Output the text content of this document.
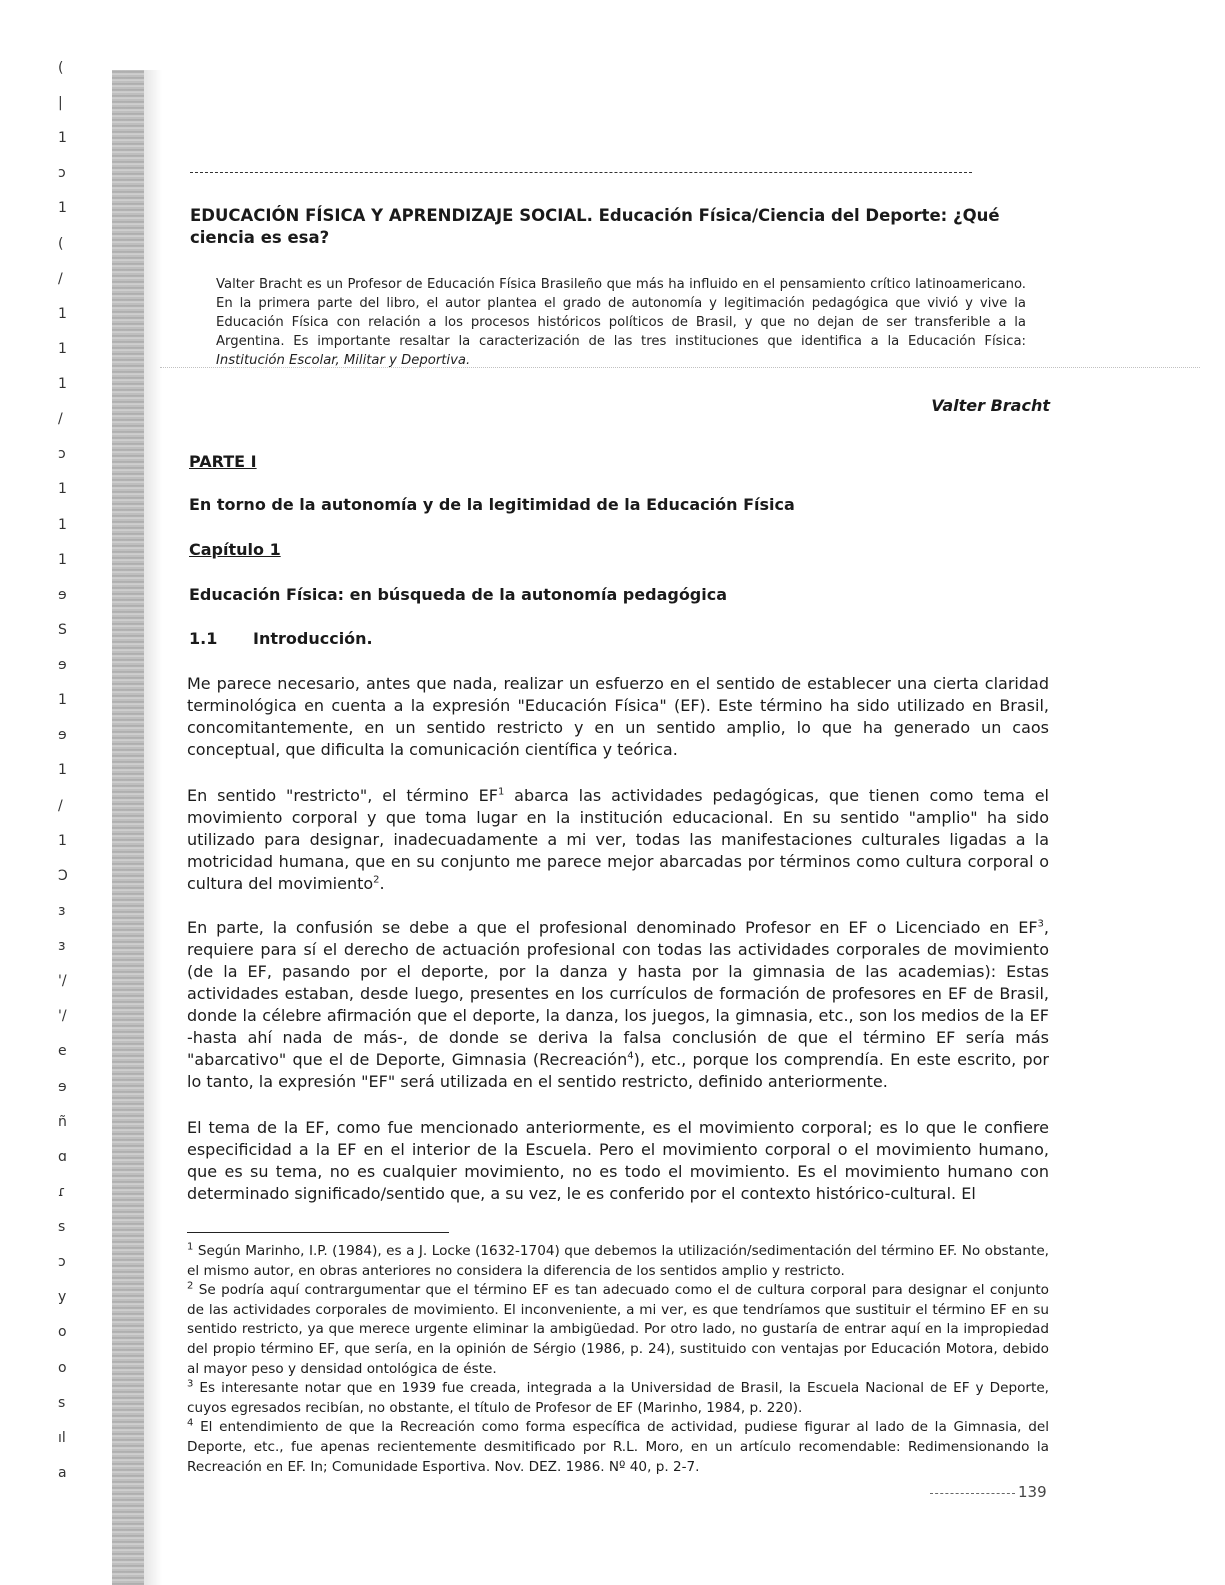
(
|
1
ɔ
1
(
/
1
1
1
/
ɔ
1
1
1
ɘ
S
ɘ
1
ɘ
1
/
1
Ↄ
ɜ
ɜ
'/
'/
e
ɘ
ñ
ɑ
ɾ
s
ɔ
y
o
o
s
ıl
a
EDUCACIÓN FÍSICA Y APRENDIZAJE SOCIAL. Educación Física/Ciencia del Deporte: ¿Qué ciencia es esa?
Valter Bracht es un Profesor de Educación Física Brasileño que más ha influido en el pensamiento crítico latinoamericano. En la primera parte del libro, el autor plantea el grado de autonomía y legitimación pedagógica que vivió y vive la Educación Física con relación a los procesos históricos políticos de Brasil, y que no dejan de ser transferible a la Argentina. Es importante resaltar la caracterización de las tres instituciones que identifica a la Educación Física: Institución Escolar, Militar y Deportiva.
Valter Bracht
PARTE I
En torno de la autonomía y de la legitimidad de la Educación Física
Capítulo 1
Educación Física: en búsqueda de la autonomía pedagógica
1.1 Introducción.

Me parece necesario, antes que nada, realizar un esfuerzo en el sentido de establecer una cierta claridad terminológica en cuenta a la expresión "Educación Física" (EF). Este término ha sido utilizado en Brasil, concomitantemente, en un sentido restricto y en un sentido amplio, lo que ha generado un caos conceptual, que dificulta la comunicación científica y teórica.

En sentido "restricto", el término $EF^1$ abarca las actividades pedagógicas, que tienen como tema el movimiento corporal y que toma lugar en la institución educacional. En su sentido "amplio" ha sido utilizado para designar, inadecuadamente a mi ver, todas las manifestaciones culturales ligadas a la motricidad humana, que en su conjunto me parece mejor abarcadas por términos como cultura corporal o cultura del movimiento$^2$.

En parte, la confusión se debe a que el profesional denominado Profesor en EF o Licenciado en $EF^3$, requiere para sí el derecho de actuación profesional con todas las actividades corporales de movimiento (de la EF, pasando por el deporte, por la danza y hasta por la gimnasia de las academias): Estas actividades estaban, desde luego, presentes en los currículos de formación de profesores en EF de Brasil, donde la célebre afirmación que el deporte, la danza, los juegos, la gimnasia, etc., son los medios de la EF -hasta ahí nada de más-, de donde se deriva la falsa conclusión de que el término EF sería más "abarcativo" que el de Deporte, Gimnasia (Recreación$^4$), etc., porque los comprendía. En este escrito, por lo tanto, la expresión "EF" será utilizada en el sentido restricto, definido anteriormente.

El tema de la EF, como fue mencionado anteriormente, es el movimiento corporal; es lo que le confiere especificidad a la EF en el interior de la Escuela. Pero el movimiento corporal o el movimiento humano, que es su tema, no es cualquier movimiento, no es todo el movimiento. Es el movimiento humano con determinado significado/sentido que, a su vez, le es conferido por el contexto histórico-cultural. El

$^1$ Según Marinho, I.P. (1984), es a J. Locke (1632-1704) que debemos la utilización/sedimentación del término EF. No obstante, el mismo autor, en obras anteriores no considera la diferencia de los sentidos amplio y restricto.

$^2$ Se podría aquí contrargumentar que el término EF es tan adecuado como el de cultura corporal para designar el conjunto de las actividades corporales de movimiento. El inconveniente, a mi ver, es que tendríamos que sustituir el término EF en su sentido restricto, ya que merece urgente eliminar la ambigüedad. Por otro lado, no gustaría de entrar aquí en la impropiedad del propio término EF, que sería, en la opinión de Sérgio (1986, p. 24), sustituido con ventajas por Educación Motora, debido al mayor peso y densidad ontológica de éste.

$^3$ Es interesante notar que en 1939 fue creada, integrada a la Universidad de Brasil, la Escuela Nacional de EF y Deporte, cuyos egresados recibían, no obstante, el título de Profesor de EF (Marinho, 1984, p. 220).

$^4$ El entendimiento de que la Recreación como forma específica de actividad, pudiese figurar al lado de la Gimnasia, del Deporte, etc., fue apenas recientemente desmitificado por R.L. Moro, en un artículo recomendable: Redimensionando la Recreación en EF. In; Comunidade Esportiva. Nov. DEZ. 1986. Nº 40, p. 2-7.

139
